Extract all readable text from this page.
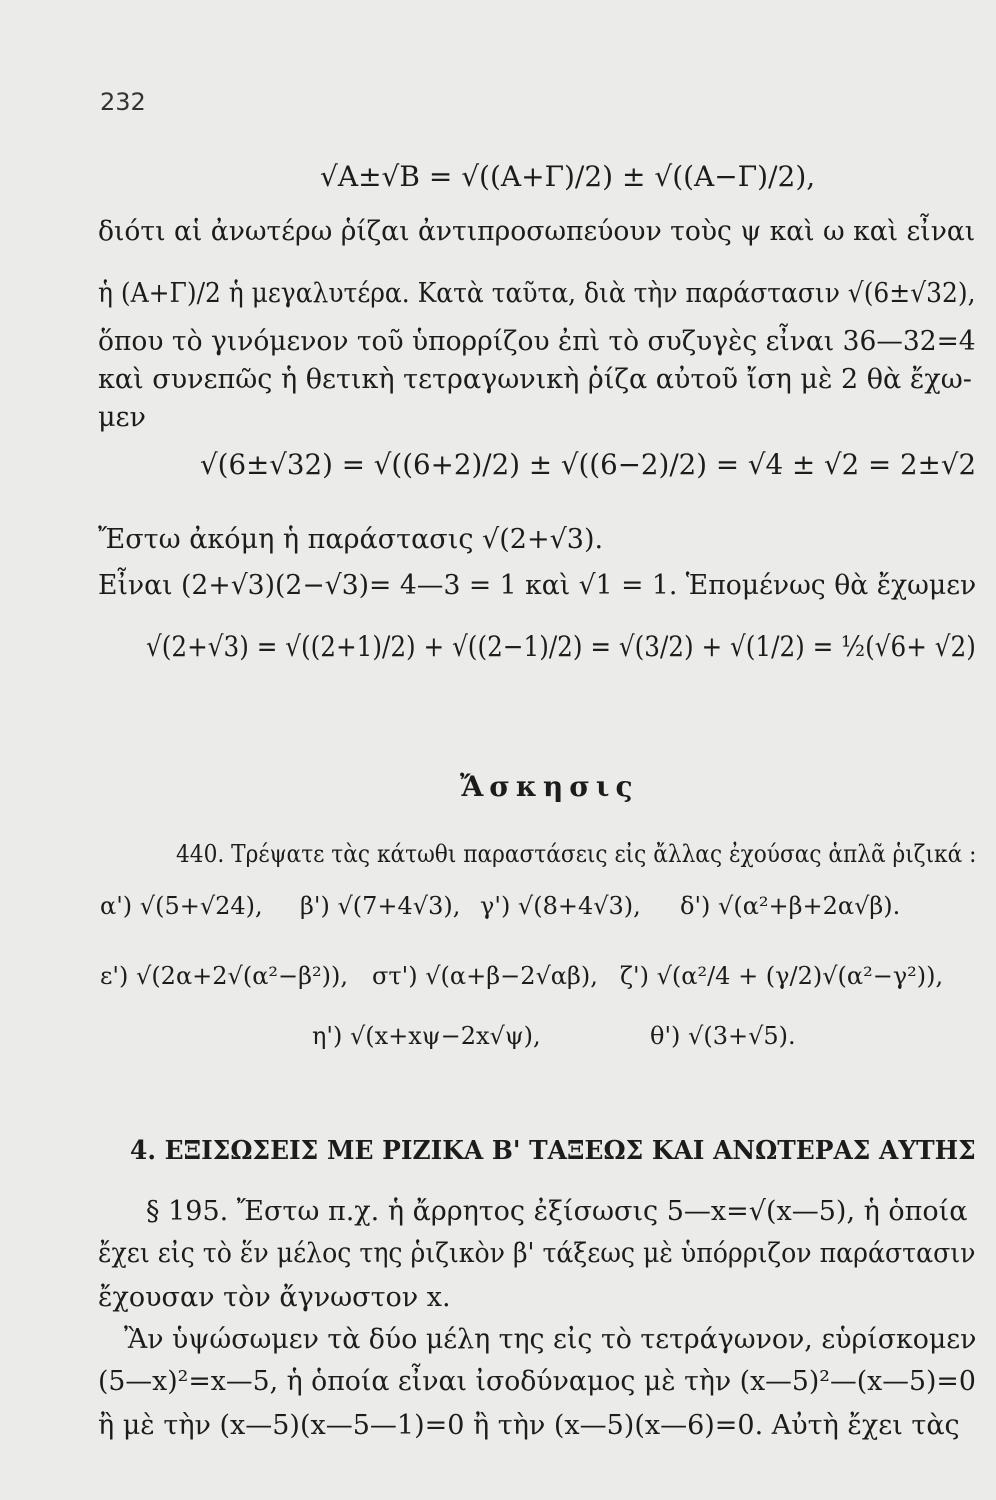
232
√A±√B = √((A+Γ)/2) ± √((A−Γ)/2),
διότι αἱ ἀνωτέρω ῥίζαι ἀντιπροσωπεύουν τοὺς ψ καὶ ω καὶ εἶναι
ἡ (A+Γ)/2 ἡ μεγαλυτέρα. Κατὰ ταῦτα, διὰ τὴν παράστασιν √(6±√32),
ὅπου τὸ γινόμενον τοῦ ὑπορρίζου ἐπὶ τὸ συζυγὲς εἶναι 36—32=4
καὶ συνεπῶς ἡ θετικὴ τετραγωνικὴ ῥίζα αὐτοῦ ἴση μὲ 2 θὰ ἔχω-
μεν
√(6±√32) = √((6+2)/2) ± √((6−2)/2) = √4 ± √2 = 2±√2
Ἔστω ἀκόμη ἡ παράστασις √(2+√3).
Εἶναι (2+√3)(2−√3)= 4—3 = 1 καὶ √1 = 1. Ἑπομένως θὰ ἔχωμεν
√(2+√3) = √((2+1)/2) + √((2−1)/2) = √(3/2) + √(1/2) = ½(√6+ √2)
Ἄσκησις
440. Τρέψατε τὰς κάτωθι παραστάσεις εἰς ἄλλας ἐχούσας ἁπλᾶ ῥιζικά :
α') √(5+√24), β') √(7+4√3), γ') √(8+4√3), δ') √(α²+β+2α√β).
ε') √(2α+2√(α²−β²)), στ') √(α+β−2√αβ), ζ') √(α²/4 + (γ/2)√(α²−γ²)),
η') √(x+xψ−2x√ψ),	θ') √(3+√5).
4. ΕΞΙΣΩΣΕΙΣ ΜΕ ΡΙΖΙΚΑ Β' ΤΑΞΕΩΣ ΚΑΙ ΑΝΩΤΕΡΑΣ ΑΥΤΗΣ
§ 195. Ἔστω π.χ. ἡ ἄρρητος ἐξίσωσις 5—x=√(x—5), ἡ ὁποία
ἔχει εἰς τὸ ἕν μέλος της ῥιζικὸν β' τάξεως μὲ ὑπόρριζον παράστασιν
ἔχουσαν τὸν ἄγνωστον x.
Ἂν ὑψώσωμεν τὰ δύο μέλη της εἰς τὸ τετράγωνον, εὑρίσκομεν
(5—x)²=x—5, ἡ ὁποία εἶναι ἰσοδύναμος μὲ τὴν (x—5)²—(x—5)=0
ἢ μὲ τὴν (x—5)(x—5—1)=0 ἢ τὴν (x—5)(x—6)=0. Αὐτὴ ἔχει τὰς
